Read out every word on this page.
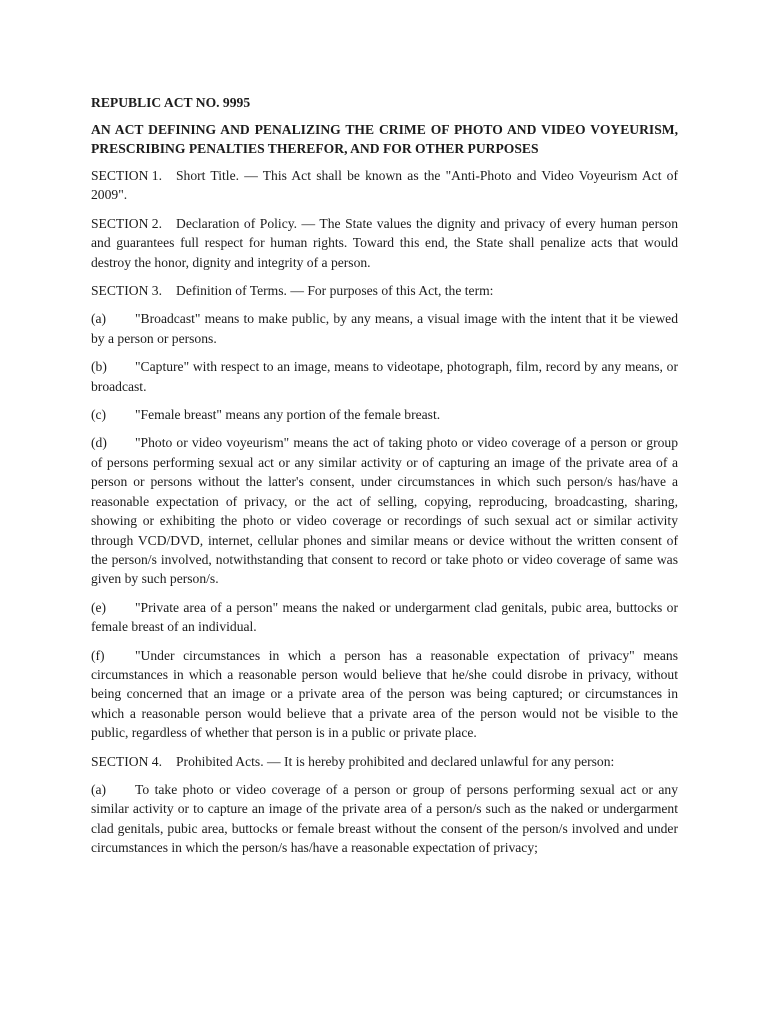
REPUBLIC ACT NO. 9995
AN ACT DEFINING AND PENALIZING THE CRIME OF PHOTO AND VIDEO VOYEURISM, PRESCRIBING PENALTIES THEREFOR, AND FOR OTHER PURPOSES
SECTION 1. Short Title. — This Act shall be known as the "Anti-Photo and Video Voyeurism Act of 2009".
SECTION 2. Declaration of Policy. — The State values the dignity and privacy of every human person and guarantees full respect for human rights. Toward this end, the State shall penalize acts that would destroy the honor, dignity and integrity of a person.
SECTION 3. Definition of Terms. — For purposes of this Act, the term:
(a) "Broadcast" means to make public, by any means, a visual image with the intent that it be viewed by a person or persons.
(b) "Capture" with respect to an image, means to videotape, photograph, film, record by any means, or broadcast.
(c) "Female breast" means any portion of the female breast.
(d) "Photo or video voyeurism" means the act of taking photo or video coverage of a person or group of persons performing sexual act or any similar activity or of capturing an image of the private area of a person or persons without the latter's consent, under circumstances in which such person/s has/have a reasonable expectation of privacy, or the act of selling, copying, reproducing, broadcasting, sharing, showing or exhibiting the photo or video coverage or recordings of such sexual act or similar activity through VCD/DVD, internet, cellular phones and similar means or device without the written consent of the person/s involved, notwithstanding that consent to record or take photo or video coverage of same was given by such person/s.
(e) "Private area of a person" means the naked or undergarment clad genitals, pubic area, buttocks or female breast of an individual.
(f) "Under circumstances in which a person has a reasonable expectation of privacy" means circumstances in which a reasonable person would believe that he/she could disrobe in privacy, without being concerned that an image or a private area of the person was being captured; or circumstances in which a reasonable person would believe that a private area of the person would not be visible to the public, regardless of whether that person is in a public or private place.
SECTION 4. Prohibited Acts. — It is hereby prohibited and declared unlawful for any person:
(a) To take photo or video coverage of a person or group of persons performing sexual act or any similar activity or to capture an image of the private area of a person/s such as the naked or undergarment clad genitals, pubic area, buttocks or female breast without the consent of the person/s involved and under circumstances in which the person/s has/have a reasonable expectation of privacy;
